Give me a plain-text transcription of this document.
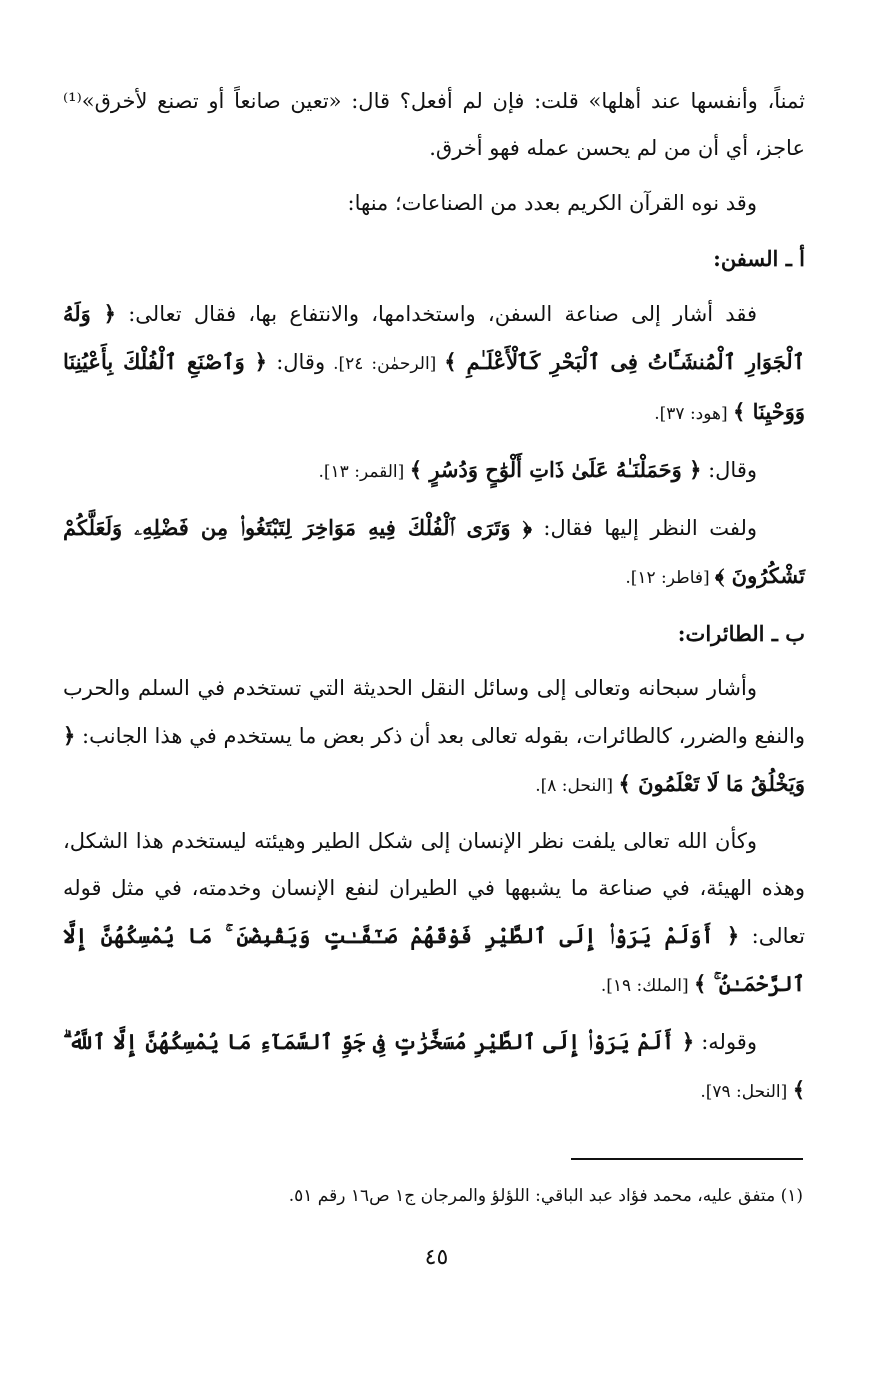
ثمناً، وأنفسها عند أهلها» قلت: فإن لم أفعل؟ قال: «تعين صانعاً أو تصنع لأخرق»⁽¹⁾ عاجز، أي أن من لم يحسن عمله فهو أخرق.

وقد نوه القرآن الكريم بعدد من الصناعات؛ منها:

أ ـ السفن:

فقد أشار إلى صناعة السفن، واستخدامها، والانتفاع بها، فقال تعالى: ﴿ وَلَهُ ٱلْجَوَارِ ٱلْمُنشَـَٔاتُ فِى ٱلْبَحْرِ كَٱلْأَعْلَـٰمِ ﴾ [الرحمٰن: ٢٤]. وقال: ﴿ وَٱصْنَعِ ٱلْفُلْكَ بِأَعْيُنِنَا وَوَحْيِنَا ﴾ [هود: ٣٧].

وقال: ﴿ وَحَمَلْنَـٰهُ عَلَىٰ ذَاتِ أَلْوَٰحٍ وَدُسُرٍ ﴾ [القمر: ١٣].

ولفت النظر إليها فقال: ﴿ وَتَرَى ٱلْفُلْكَ فِيهِ مَوَاخِرَ لِتَبْتَغُوا۟ مِن فَضْلِهِۦ وَلَعَلَّكُمْ تَشْكُرُونَ ﴾ [فاطر: ١٢].

ب ـ الطائرات:

وأشار سبحانه وتعالى إلى وسائل النقل الحديثة التي تستخدم في السلم والحرب والنفع والضرر، كالطائرات، بقوله تعالى بعد أن ذكر بعض ما يستخدم في هذا الجانب: ﴿ وَيَخْلُقُ مَا لَا تَعْلَمُونَ ﴾ [النحل: ٨].

وكأن الله تعالى يلفت نظر الإنسان إلى شكل الطير وهيئته ليستخدم هذا الشكل، وهذه الهيئة، في صناعة ما يشبهها في الطيران لنفع الإنسان وخدمته، في مثل قوله تعالى: ﴿ أَوَلَمْ يَرَوْا۟ إِلَى ٱلطَّيْرِ فَوْقَهُمْ صَـٰٓفَّـٰتٍ وَيَقْبِضْنَ ۚ مَا يُمْسِكُهُنَّ إِلَّا ٱلرَّحْمَـٰنُ ۚ ﴾ [الملك: ١٩].

وقوله: ﴿ أَلَمْ يَرَوْا۟ إِلَى ٱلطَّيْرِ مُسَخَّرَٰتٍ فِى جَوِّ ٱلسَّمَآءِ مَا يُمْسِكُهُنَّ إِلَّا ٱللَّهُ ۗ ﴾ [النحل: ٧٩].

(١) متفق عليه، محمد فؤاد عبد الباقي: اللؤلؤ والمرجان ج١ ص١٦ رقم ٥١.

٤٥
